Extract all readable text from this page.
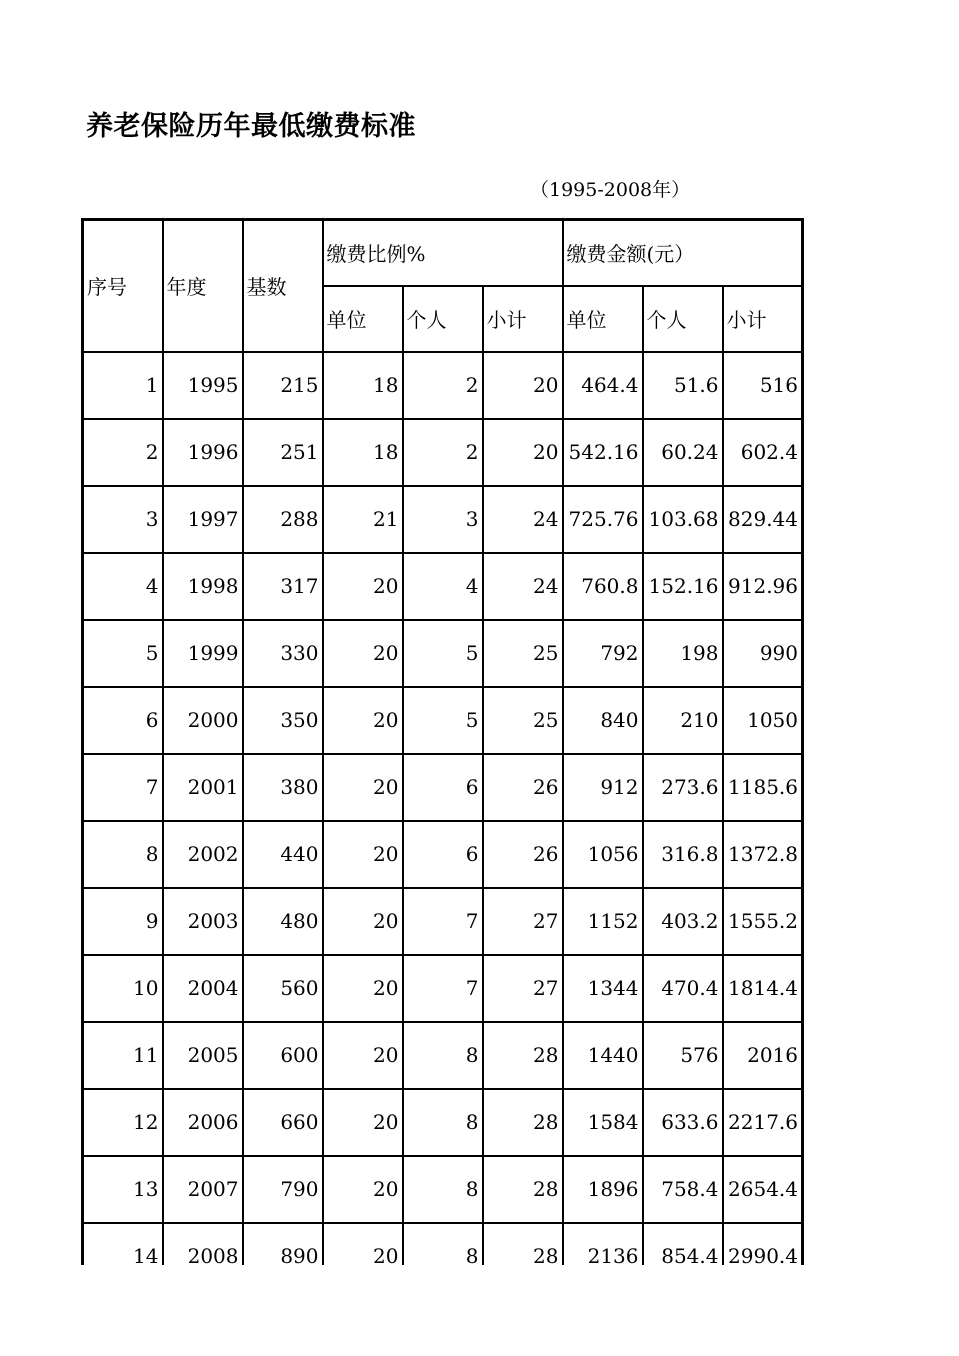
养老保险历年最低缴费标准
（1995-2008年）
序号	年度	基数	缴费比例%			缴费金额(元）		
			单位	个人	小计	单位	个人	小计
1	1995	215	18	2	20	464.4	51.6	516
2	1996	251	18	2	20	542.16	60.24	602.4
3	1997	288	21	3	24	725.76	103.68	829.44
4	1998	317	20	4	24	760.8	152.16	912.96
5	1999	330	20	5	25	792	198	990
6	2000	350	20	5	25	840	210	1050
7	2001	380	20	6	26	912	273.6	1185.6
8	2002	440	20	6	26	1056	316.8	1372.8
9	2003	480	20	7	27	1152	403.2	1555.2
10	2004	560	20	7	27	1344	470.4	1814.4
11	2005	600	20	8	28	1440	576	2016
12	2006	660	20	8	28	1584	633.6	2217.6
13	2007	790	20	8	28	1896	758.4	2654.4
14	2008	890	20	8	28	2136	854.4	2990.4
